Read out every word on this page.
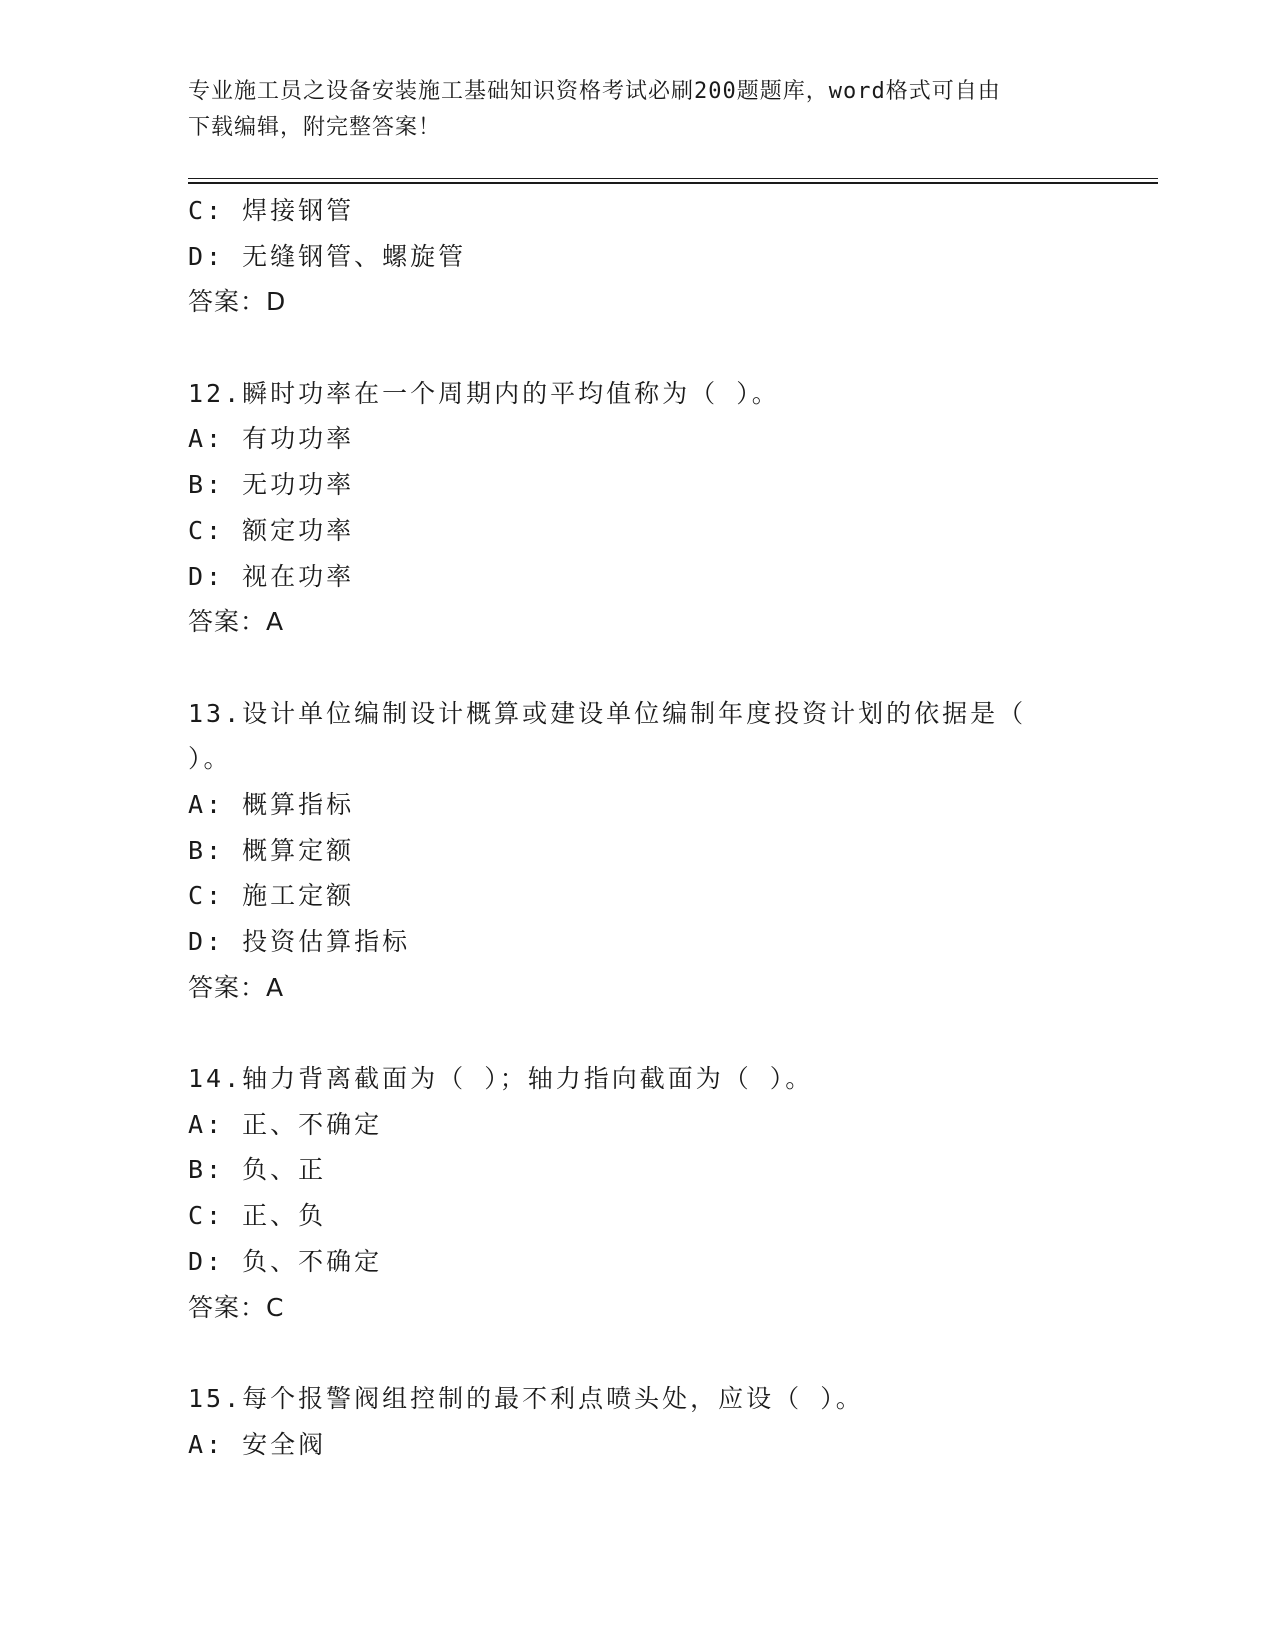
专业施工员之设备安装施工基础知识资格考试必刷200题题库，word格式可自由
下载编辑，附完整答案！
C: 焊接钢管
D: 无缝钢管、螺旋管
答案：D
12.瞬时功率在一个周期内的平均值称为（ ）。
A: 有功功率
B: 无功功率
C: 额定功率
D: 视在功率
答案：A
13.设计单位编制设计概算或建设单位编制年度投资计划的依据是（
）。
A: 概算指标
B: 概算定额
C: 施工定额
D: 投资估算指标
答案：A
14.轴力背离截面为（ ）；轴力指向截面为（ ）。
A: 正、不确定
B: 负、正
C: 正、负
D: 负、不确定
答案：C
15.每个报警阀组控制的最不利点喷头处，应设（ ）。
A: 安全阀
